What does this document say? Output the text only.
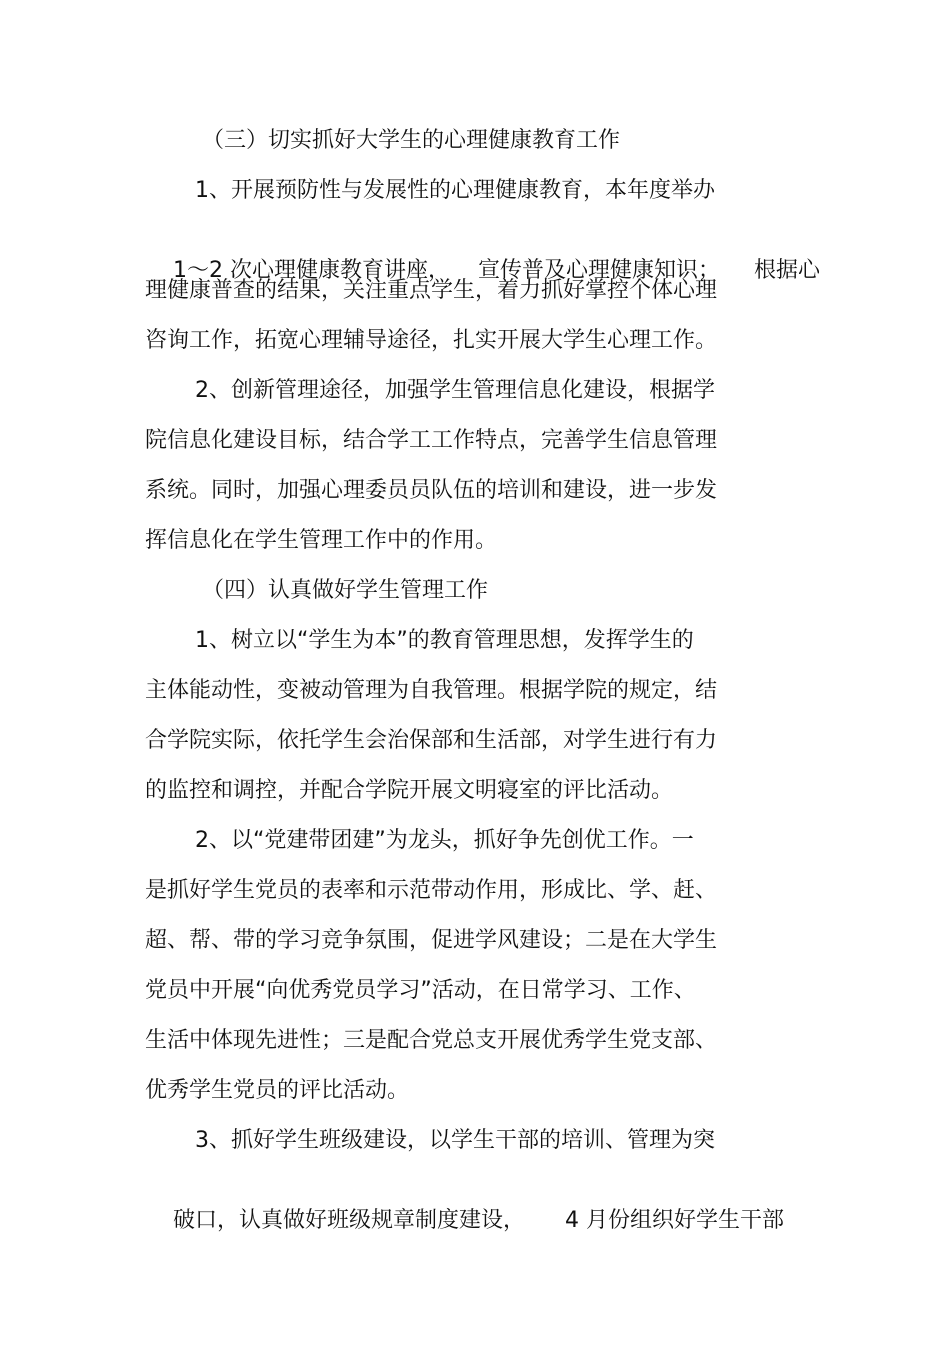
（三）切实抓好大学生的心理健康教育工作
1、开展预防性与发展性的心理健康教育，本年度举办

1～2 次心理健康教育讲座， 宣传普及心理健康知识； 根据心

理健康普查的结果，关注重点学生，着力抓好掌控个体心理
咨询工作，拓宽心理辅导途径，扎实开展大学生心理工作。
2、创新管理途径，加强学生管理信息化建设，根据学
院信息化建设目标，结合学工工作特点，完善学生信息管理
系统。同时，加强心理委员员队伍的培训和建设，进一步发
挥信息化在学生管理工作中的作用。
（四）认真做好学生管理工作
1、树立以“学生为本”的教育管理思想，发挥学生的
主体能动性，变被动管理为自我管理。根据学院的规定，结
合学院实际，依托学生会治保部和生活部，对学生进行有力
的监控和调控，并配合学院开展文明寝室的评比活动。
2、以“党建带团建”为龙头，抓好争先创优工作。一
是抓好学生党员的表率和示范带动作用，形成比、学、赶、
超、帮、带的学习竞争氛围，促进学风建设；二是在大学生
党员中开展“向优秀党员学习”活动，在日常学习、工作、
生活中体现先进性；三是配合党总支开展优秀学生党支部、
优秀学生党员的评比活动。
3、抓好学生班级建设，以学生干部的培训、管理为突

破口，认真做好班级规章制度建设， 4 月份组织好学生干部
